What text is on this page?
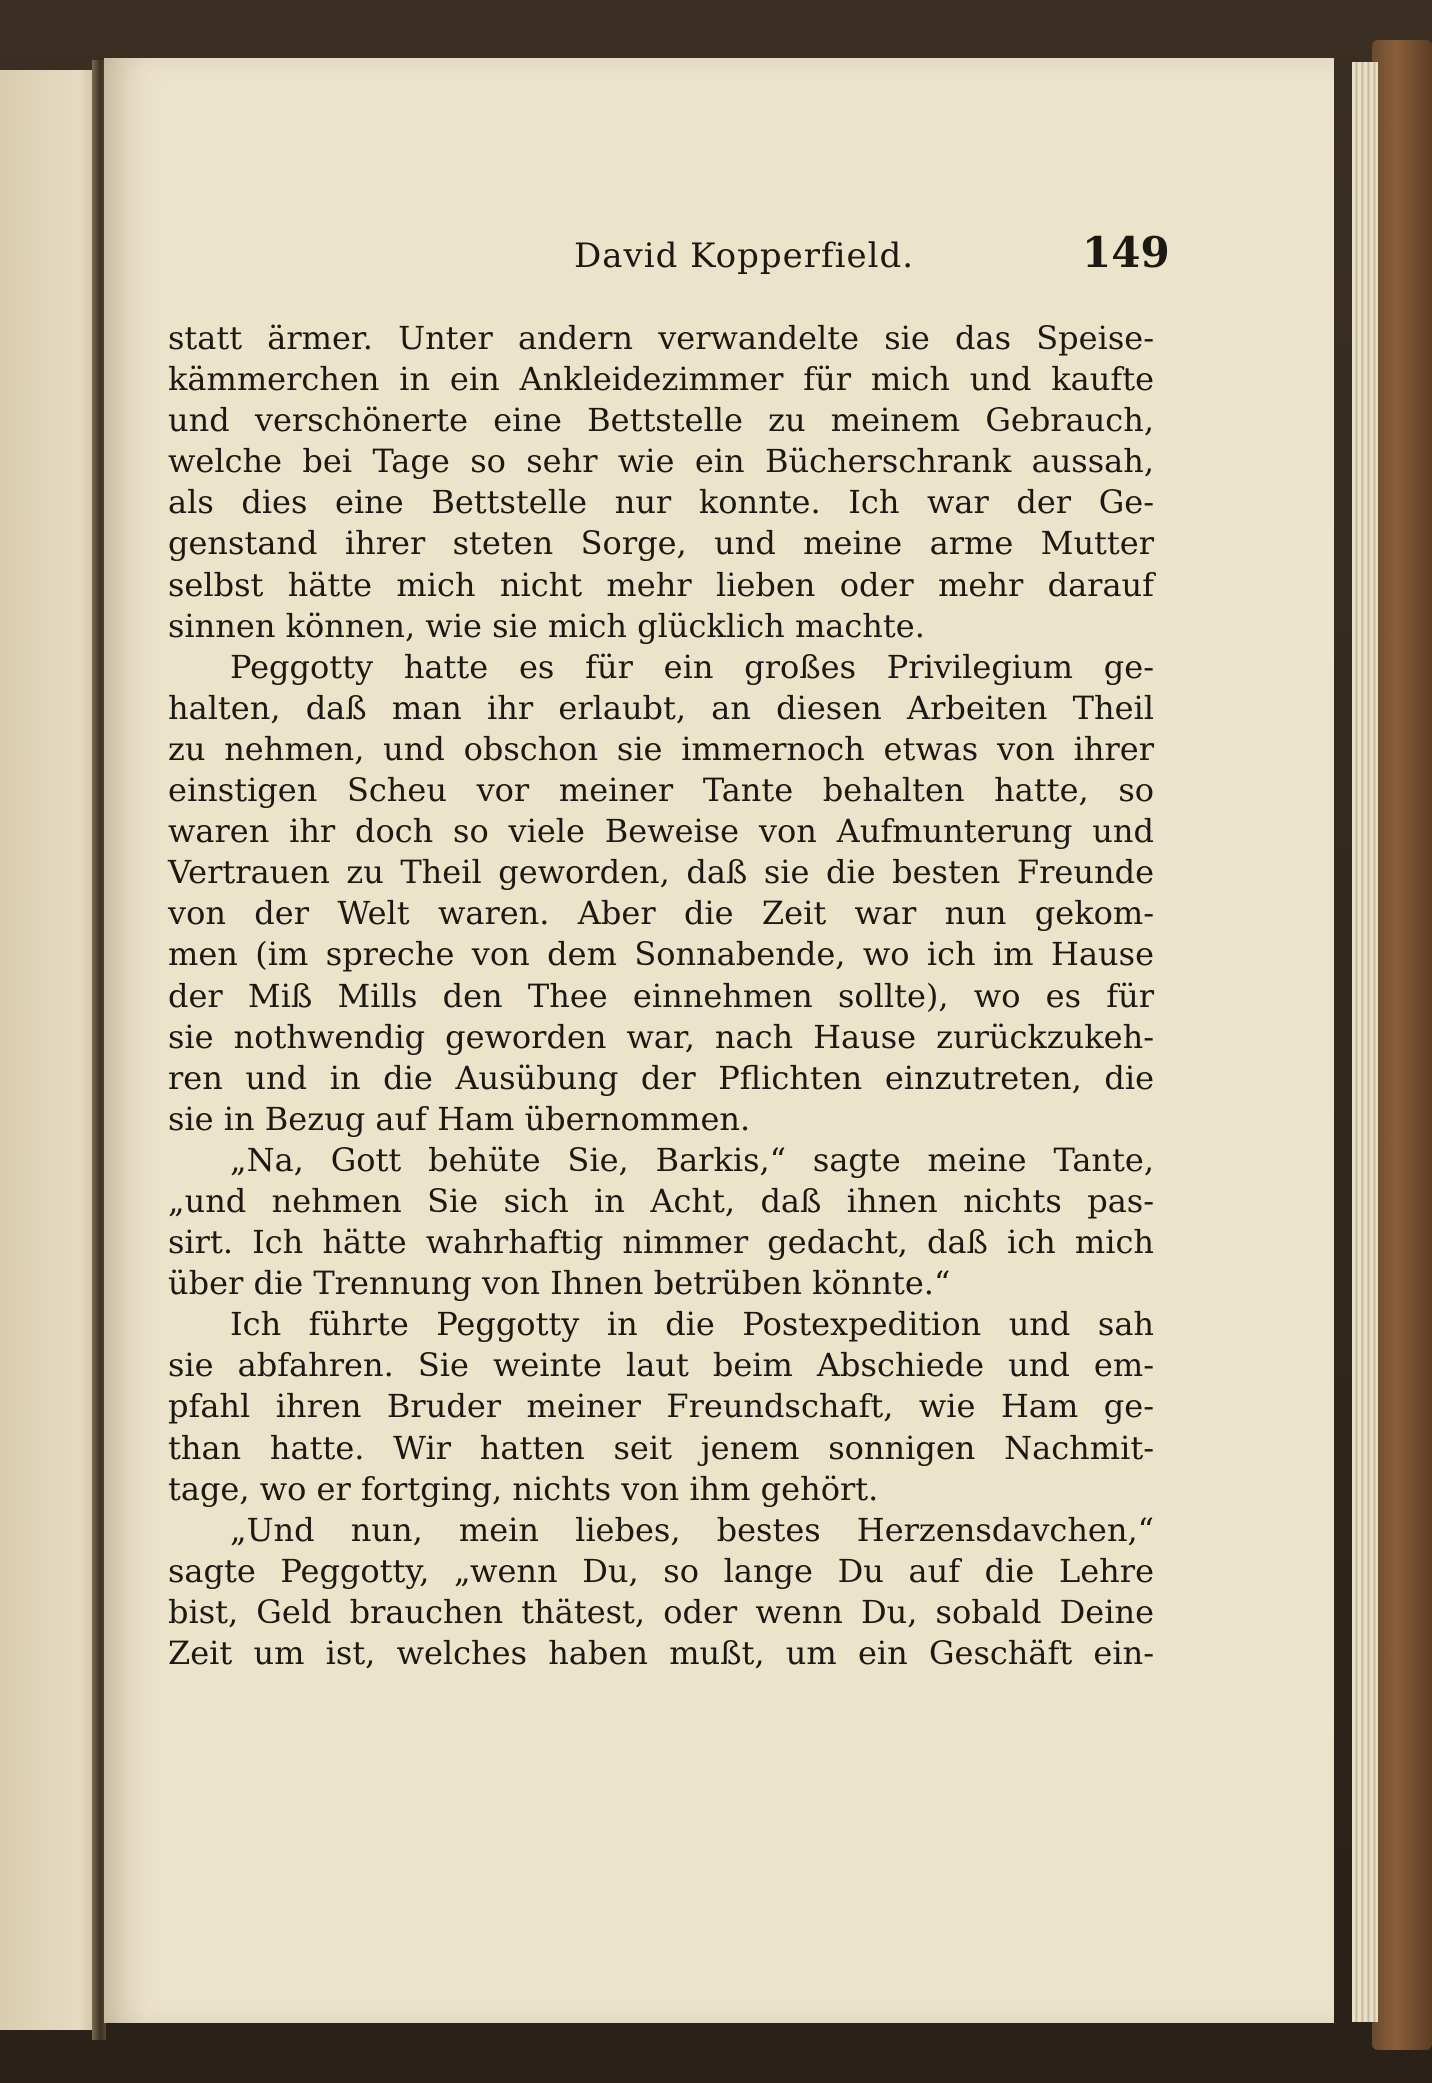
David Kopperfield.	149
statt ärmer. Unter andern verwandelte sie das Speise-
kämmerchen in ein Ankleidezimmer für mich und kaufte
und verschönerte eine Bettstelle zu meinem Gebrauch,
welche bei Tage so sehr wie ein Bücherschrank aussah,
als dies eine Bettstelle nur konnte. Ich war der Ge-
genstand ihrer steten Sorge, und meine arme Mutter
selbst hätte mich nicht mehr lieben oder mehr darauf
sinnen können, wie sie mich glücklich machte.
Peggotty hatte es für ein großes Privilegium ge-
halten, daß man ihr erlaubt, an diesen Arbeiten Theil
zu nehmen, und obschon sie immernoch etwas von ihrer
einstigen Scheu vor meiner Tante behalten hatte, so
waren ihr doch so viele Beweise von Aufmunterung und
Vertrauen zu Theil geworden, daß sie die besten Freunde
von der Welt waren. Aber die Zeit war nun gekom-
men (im spreche von dem Sonnabende, wo ich im Hause
der Miß Mills den Thee einnehmen sollte), wo es für
sie nothwendig geworden war, nach Hause zurückzukeh-
ren und in die Ausübung der Pflichten einzutreten, die
sie in Bezug auf Ham übernommen.
„Na, Gott behüte Sie, Barkis,“ sagte meine Tante,
„und nehmen Sie sich in Acht, daß ihnen nichts pas-
sirt. Ich hätte wahrhaftig nimmer gedacht, daß ich mich
über die Trennung von Ihnen betrüben könnte.“
Ich führte Peggotty in die Postexpedition und sah
sie abfahren. Sie weinte laut beim Abschiede und em-
pfahl ihren Bruder meiner Freundschaft, wie Ham ge-
than hatte. Wir hatten seit jenem sonnigen Nachmit-
tage, wo er fortging, nichts von ihm gehört.
„Und nun, mein liebes, bestes Herzensdavchen,“
sagte Peggotty, „wenn Du, so lange Du auf die Lehre
bist, Geld brauchen thätest, oder wenn Du, sobald Deine
Zeit um ist, welches haben mußt, um ein Geschäft ein-
